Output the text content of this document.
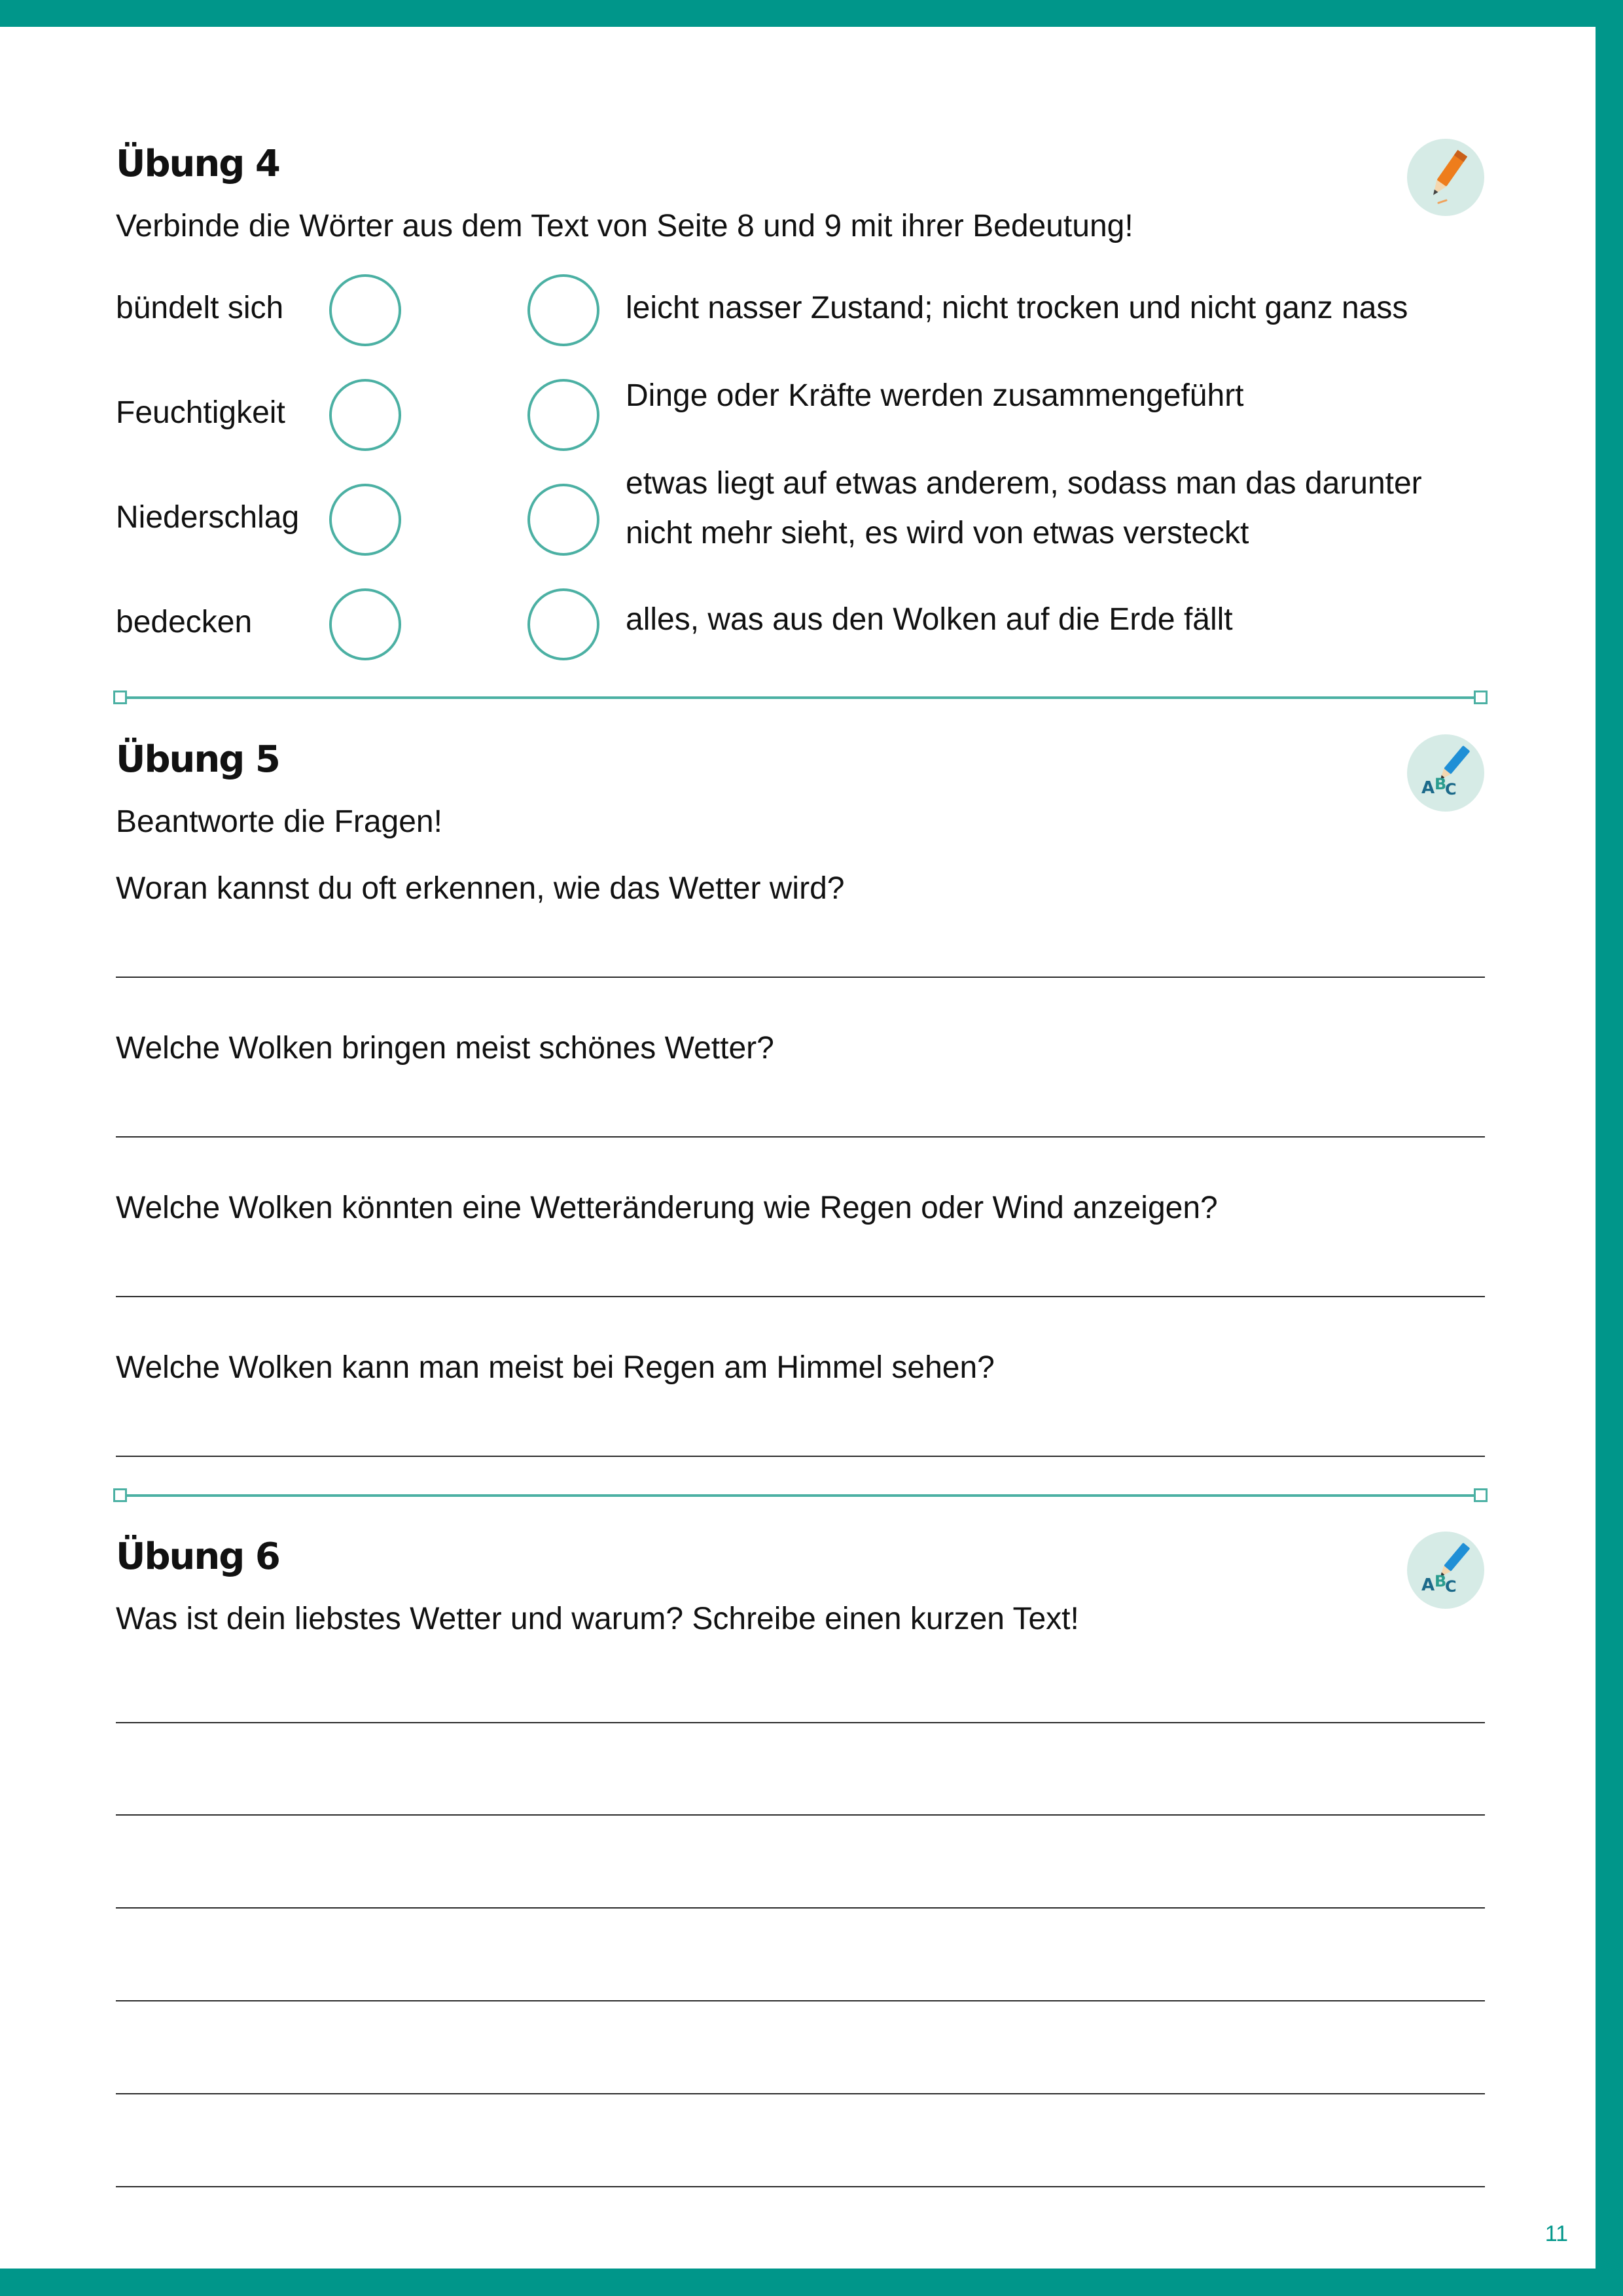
Übung 4
Verbinde die Wörter aus dem Text von Seite 8 und 9 mit ihrer Bedeutung!
bündelt sich
Feuchtigkeit
Niederschlag
bedecken
leicht nasser Zustand; nicht trocken und nicht ganz nass
Dinge oder Kräfte werden zusammengeführt
etwas liegt auf etwas anderem, sodass man das darunter nicht mehr sieht, es wird von etwas versteckt
alles, was aus den Wolken auf die Erde fällt
Übung 5
A B
C
Beantworte die Fragen!
Woran kannst du oft erkennen, wie das Wetter wird?
Welche Wolken bringen meist schönes Wetter?
Welche Wolken könnten eine Wetteränderung wie Regen oder Wind anzeigen?
Welche Wolken kann man meist bei Regen am Himmel sehen?
Übung 6
A B
C
Was ist dein liebstes Wetter und warum? Schreibe einen kurzen Text!
11
